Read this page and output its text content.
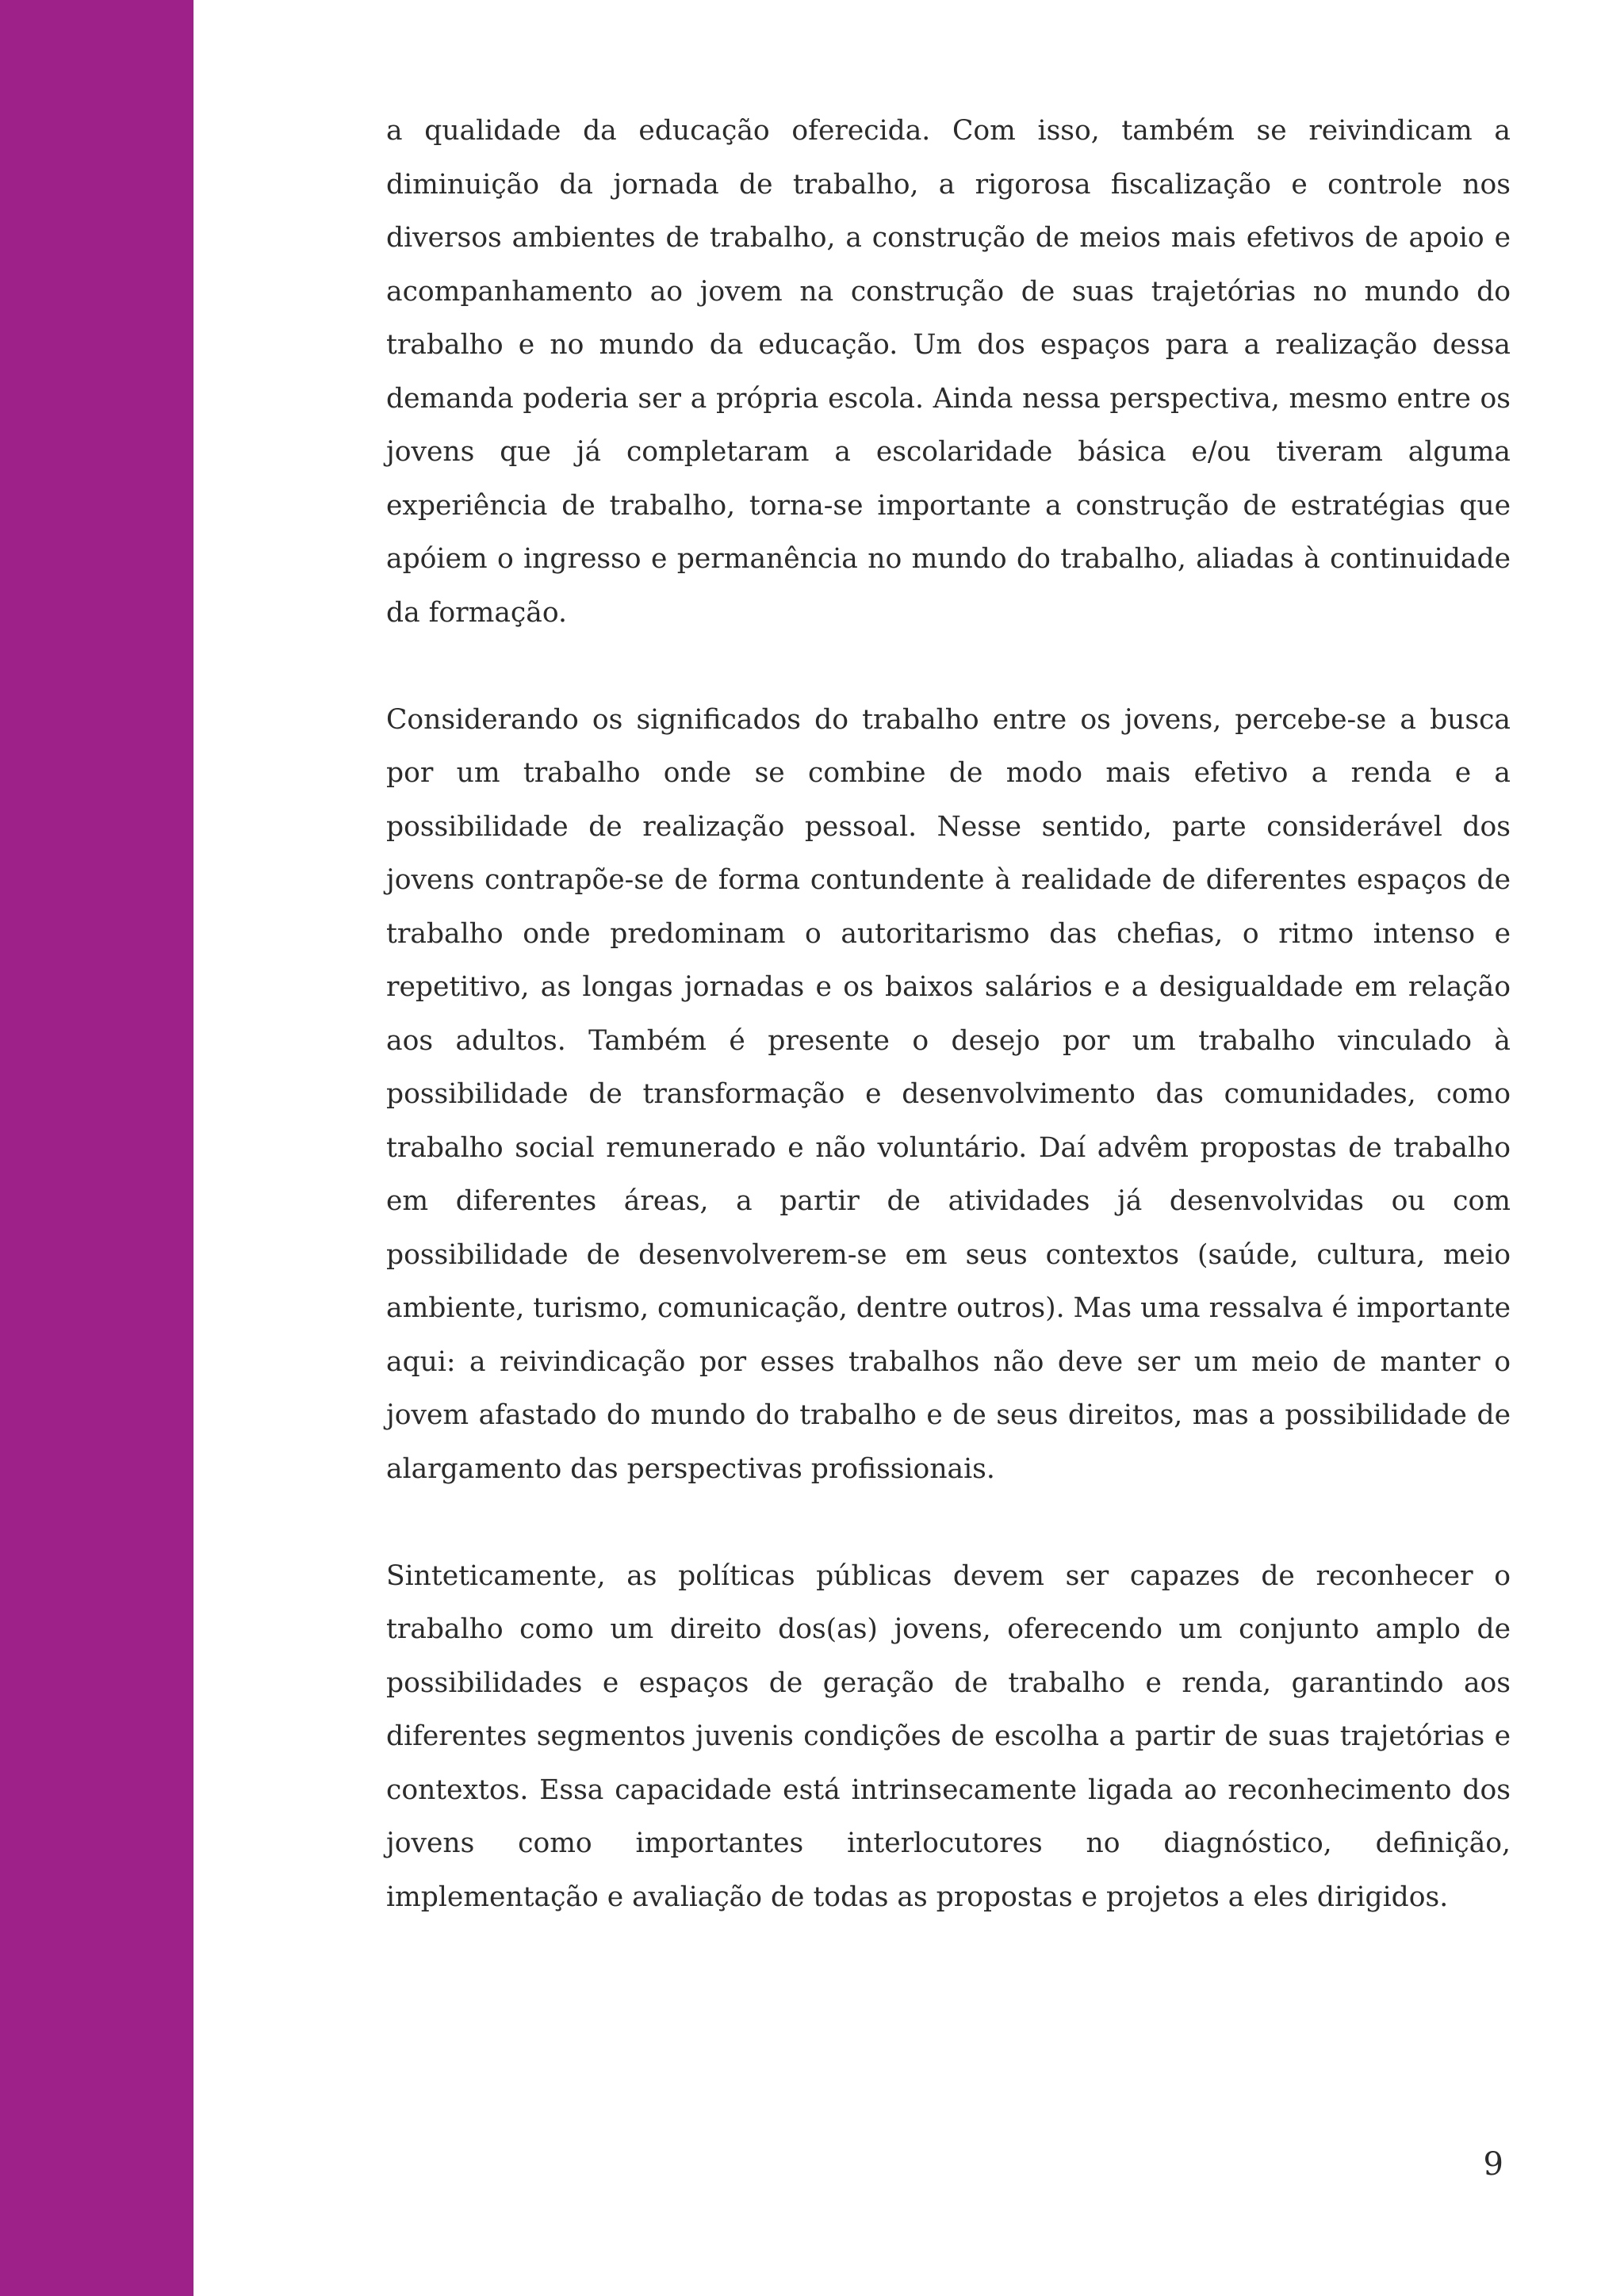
a qualidade da educação oferecida. Com isso, também se reivindicam a diminuição da jornada de trabalho, a rigorosa fiscalização e controle nos diversos ambientes de trabalho, a construção de meios mais efetivos de apoio e acompanhamento ao jovem na construção de suas trajetórias no mundo do trabalho e no mundo da educação. Um dos espaços para a realização dessa demanda poderia ser a própria escola. Ainda nessa perspectiva, mesmo entre os jovens que já completaram a escolaridade básica e/ou tiveram alguma experiência de trabalho, torna-se importante a construção de estratégias que apóiem o ingresso e permanência no mundo do trabalho, aliadas à continuidade da formação.

Considerando os significados do trabalho entre os jovens, percebe-se a busca por um trabalho onde se combine de modo mais efetivo a renda e a possibilidade de realização pessoal. Nesse sentido, parte considerável dos jovens contrapõe-se de forma contundente à realidade de diferentes espaços de trabalho onde predominam o autoritarismo das chefias, o ritmo intenso e repetitivo, as longas jornadas e os baixos salários e a desigualdade em relação aos adultos. Também é presente o desejo por um trabalho vinculado à possibilidade de transformação e desenvolvimento das comunidades, como trabalho social remunerado e não voluntário. Daí advêm propostas de trabalho em diferentes áreas, a partir de atividades já desenvolvidas ou com possibilidade de desenvolverem-se em seus contextos (saúde, cultura, meio ambiente, turismo, comunicação, dentre outros). Mas uma ressalva é importante aqui: a reivindicação por esses trabalhos não deve ser um meio de manter o jovem afastado do mundo do trabalho e de seus direitos, mas a possibilidade de alargamento das perspectivas profissionais.

Sinteticamente, as políticas públicas devem ser capazes de reconhecer o trabalho como um direito dos(as) jovens, oferecendo um conjunto amplo de possibilidades e espaços de geração de trabalho e renda, garantindo aos diferentes segmentos juvenis condições de escolha a partir de suas trajetórias e contextos. Essa capacidade está intrinsecamente ligada ao reconhecimento dos jovens como importantes interlocutores no diagnóstico, definição, implementação e avaliação de todas as propostas e projetos a eles dirigidos.

9
